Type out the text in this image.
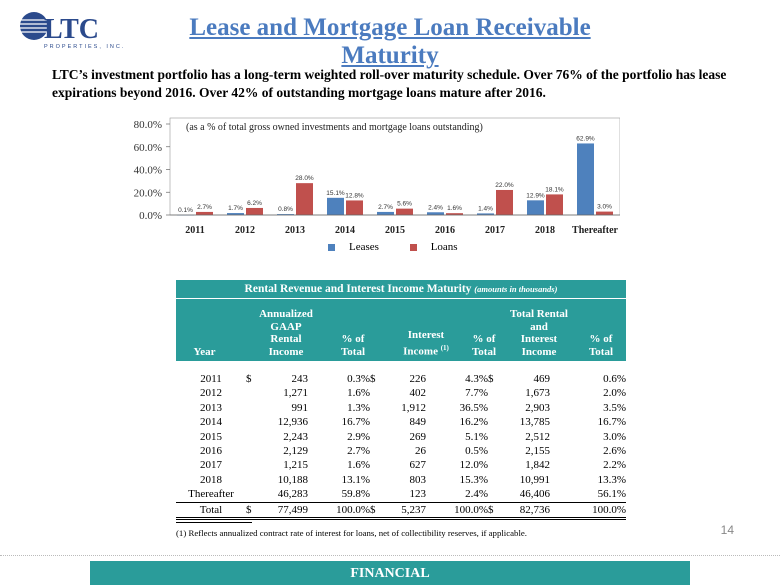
LTC
PROPERTIES, INC.
Lease and Mortgage Loan Receivable Maturity
LTC’s investment portfolio has a long-term weighted roll-over maturity schedule. Over 76% of the portfolio has lease expirations beyond 2016. Over 42% of outstanding mortgage loans mature after 2016.
0.0%
20.0%
40.0%
60.0%
80.0%
2011
0.1% 2.7%
2012
1.7%
6.2%
2013
0.8%
28.0%
2014
15.1% 12.8%
2015
2.7% 5.6%
2016
2.4% 1.6%
2017
1.4%
22.0%
2018
12.9%
18.1%
Thereafter
62.9%
3.0%
(as a % of total gross owned investments and mortgage loans outstanding)
Leases	Loans
Rental Revenue and Interest Income Maturity (amounts in thousands)
Year
Annualized
GAAP
Rental
Income
% of
Total
Interest
Income $^{(1)}$
% of
Total
Total Rental
and
Interest
Income
% of
Total
2011	$	243	0.3%	$	226	4.3%	$	469	0.6%
2012		1,271	1.6%		402	7.7%		1,673	2.0%
2013		991	1.3%		1,912	36.5%		2,903	3.5%
2014		12,936	16.7%		849	16.2%		13,785	16.7%
2015		2,243	2.9%		269	5.1%		2,512	3.0%
2016		2,129	2.7%		26	0.5%		2,155	2.6%
2017		1,215	1.6%		627	12.0%		1,842	2.2%
2018		10,188	13.1%		803	15.3%		10,991	13.3%
Thereafter		46,283	59.8%		123	2.4%		46,406	56.1%
Total	$	77,499	100.0%	$	5,237	100.0%	$	82,736	100.0%
(1) Reflects annualized contract rate of interest for loans, net of collectibility reserves, if applicable.	14
FINANCIAL
